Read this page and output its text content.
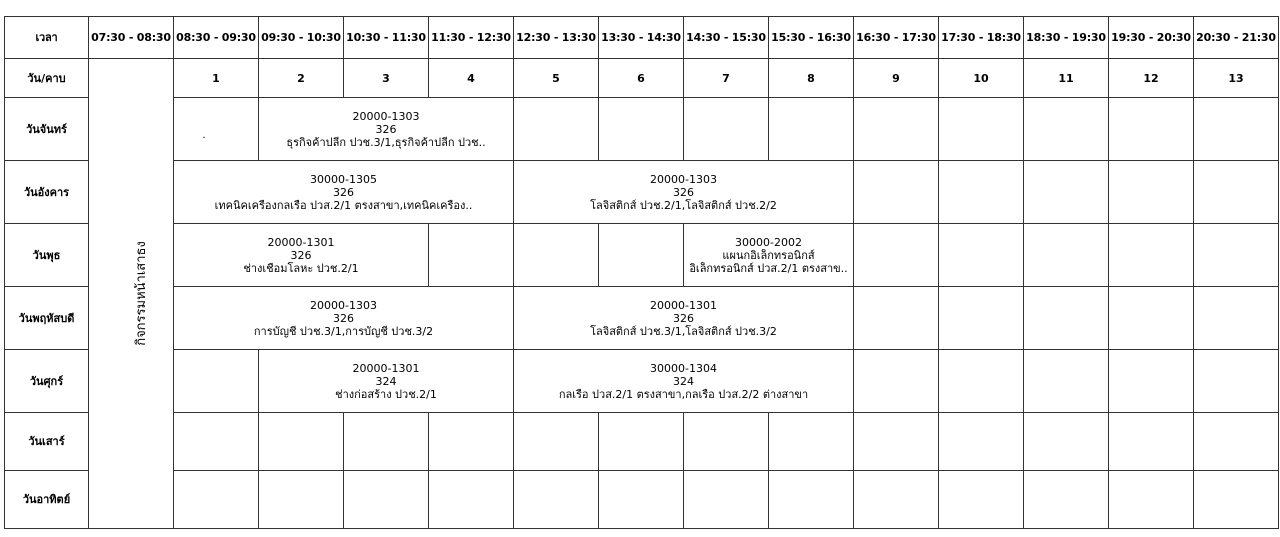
เวลา	07:30 - 08:30	08:30 - 09:30	09:30 - 10:30	10:30 - 11:30	11:30 - 12:30	12:30 - 13:30	13:30 - 14:30	14:30 - 15:30	15:30 - 16:30	16:30 - 17:30	17:30 - 18:30	18:30 - 19:30	19:30 - 20:30	20:30 - 21:30
วัน/คาบ	กิจกรรมหน้าเสาธง	1	2	3	4	5	6	7	8	9	10	11	12	13
วันจันทร์		.	20000-1303
326
ธุรกิจค้าปลีก ปวช.3/1,ธุรกิจค้าปลีก ปวช..											

วันอังคาร		30000-1305
326
เทคนิคเครื่องกลเรือ ปวส.2/1 ตรงสาขา,เทคนิคเครื่อง..				20000-1303
326
โลจิสติกส์ ปวช.2/1,โลจิสติกส์ ปวช.2/2								

วันพุธ		20000-1301
326
ช่างเชื่อมโลหะ ปวช.2/1						30000-2002
แผนกอิเล็กทรอนิกส์
อิเล็กทรอนิกส์ ปวส.2/1 ตรงสาข..						

วันพฤหัสบดี		20000-1303
326
การบัญชี ปวช.3/1,การบัญชี ปวช.3/2				20000-1301
326
โลจิสติกส์ ปวช.3/1,โลจิสติกส์ ปวช.3/2								

วันศุกร์			20000-1301
324
ช่างก่อสร้าง ปวช.2/1			30000-1304
324
กลเรือ ปวส.2/1 ตรงสาขา,กลเรือ ปวส.2/2 ต่างสาขา								

วันเสาร์														
วันอาทิตย์														
